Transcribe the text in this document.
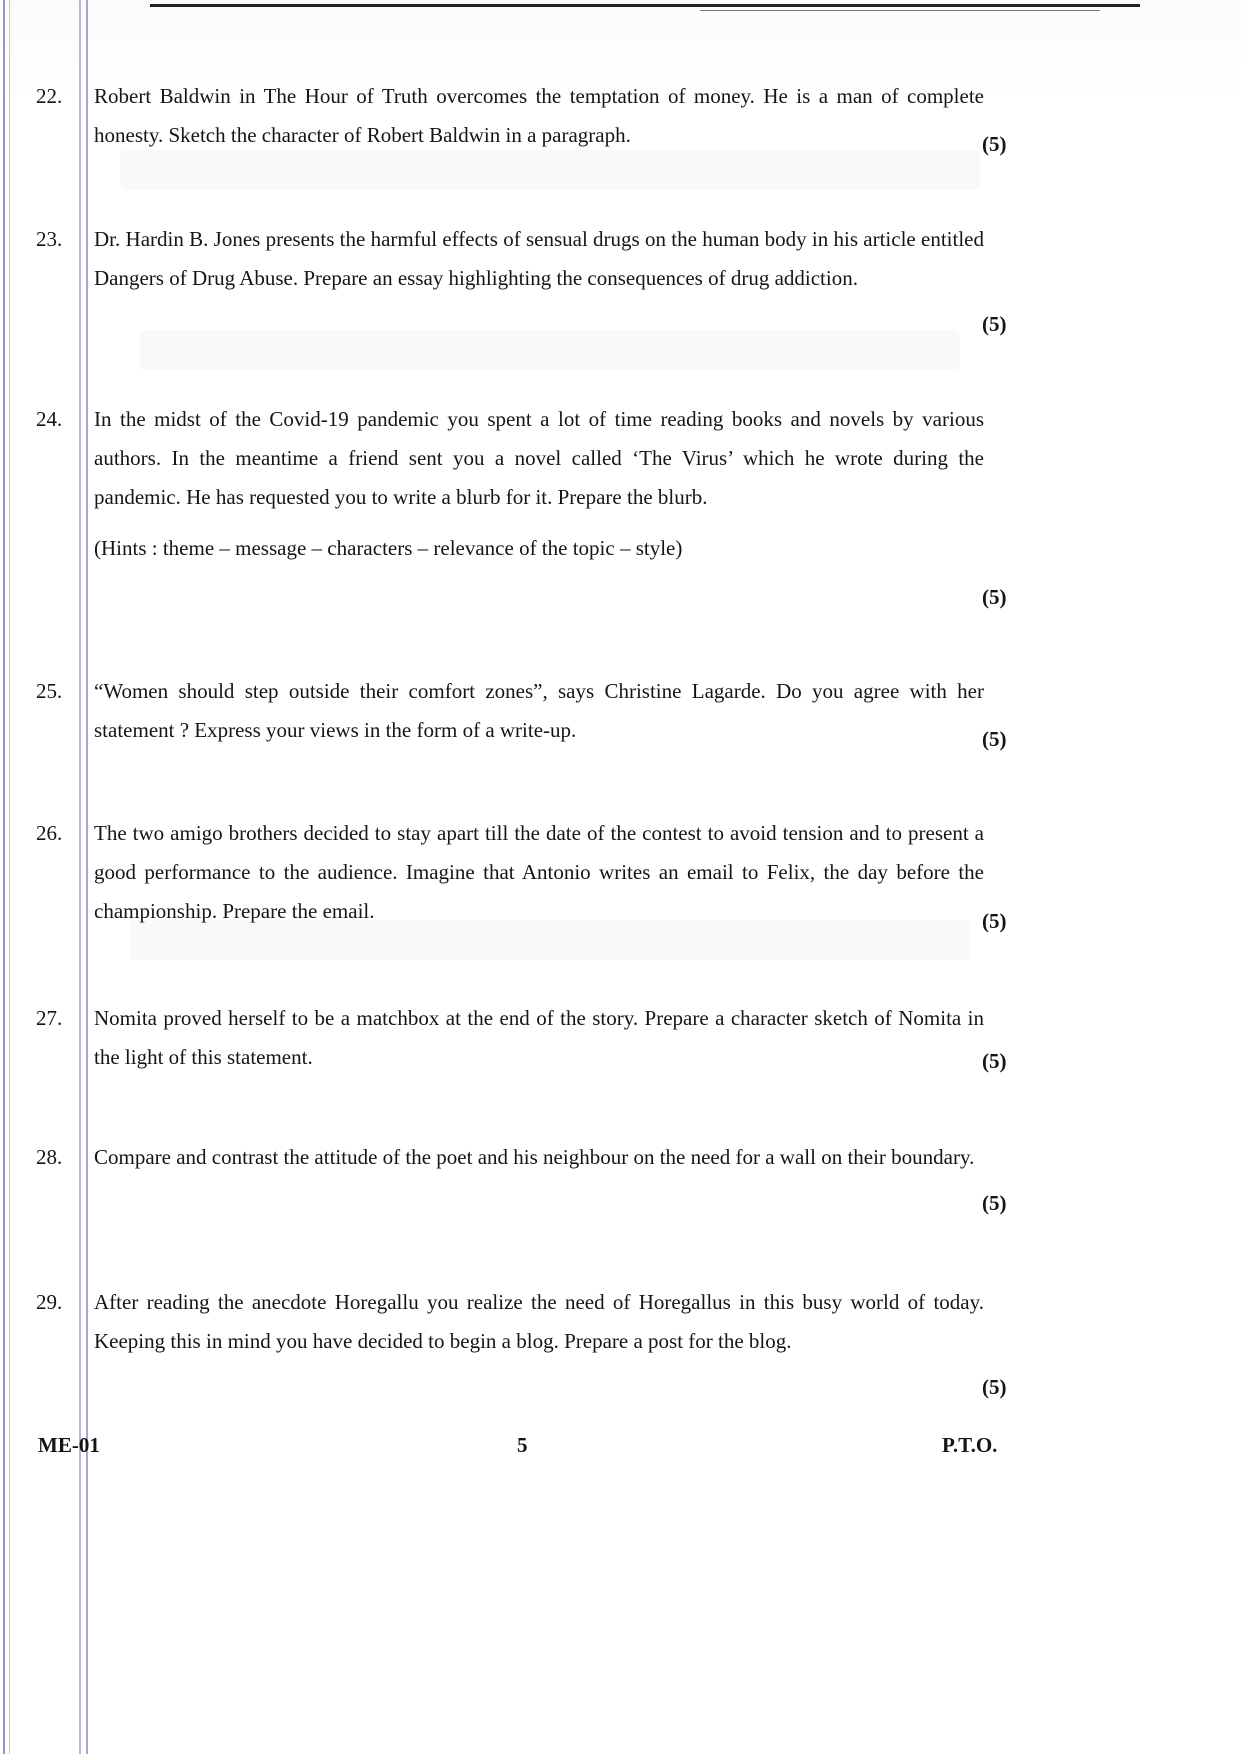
22.	Robert Baldwin in The Hour of Truth overcomes the temptation of money. He is a man of complete honesty. Sketch the character of Robert Baldwin in a paragraph.	(5)
23.	Dr. Hardin B. Jones presents the harmful effects of sensual drugs on the human body in his article entitled Dangers of Drug Abuse. Prepare an essay highlighting the consequences of drug addiction.

(5)
24.	In the midst of the Covid-19 pandemic you spent a lot of time reading books and novels by various authors. In the meantime a friend sent you a novel called ‘The Virus’ which he wrote during the pandemic. He has requested you to write a blurb for it. Prepare the blurb.

(Hints : theme – message – characters – relevance of the topic – style)

(5)
25.	“Women should step outside their comfort zones”, says Christine Lagarde. Do you agree with her statement ? Express your views in the form of a write-up.	(5)
26.	The two amigo brothers decided to stay apart till the date of the contest to avoid tension and to present a good performance to the audience. Imagine that Antonio writes an email to Felix, the day before the championship. Prepare the email.	(5)
27.	Nomita proved herself to be a matchbox at the end of the story. Prepare a character sketch of Nomita in the light of this statement.	(5)
28.	Compare and contrast the attitude of the poet and his neighbour on the need for a wall on their boundary.

(5)
29.	After reading the anecdote Horegallu you realize the need of Horegallus in this busy world of today. Keeping this in mind you have decided to begin a blog. Prepare a post for the blog.

(5)
ME-01	5	P.T.O.
